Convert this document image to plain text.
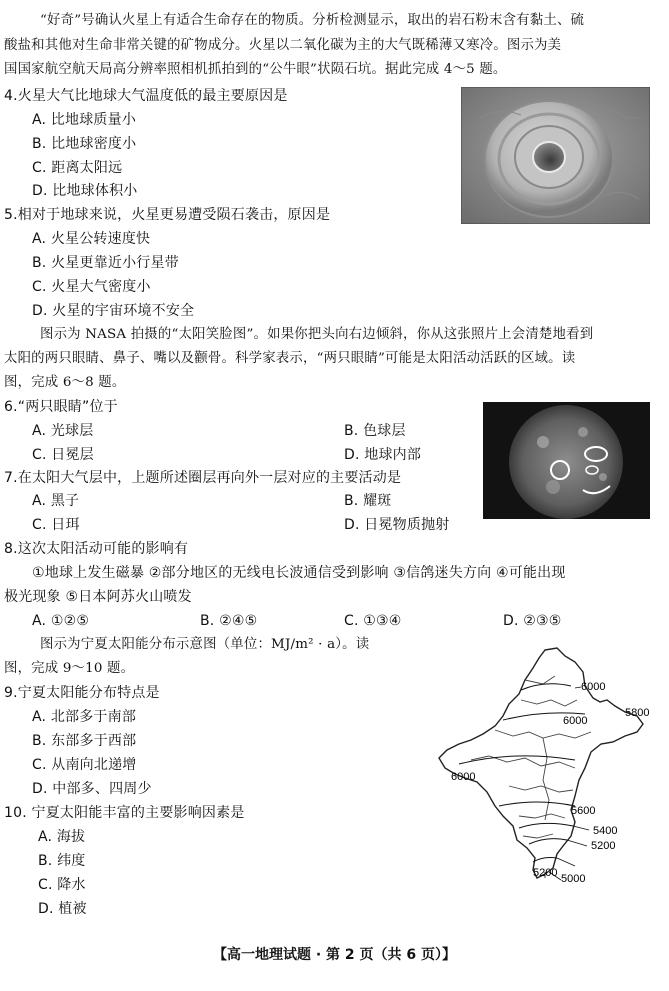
“好奇”号确认火星上有适合生命存在的物质。分析检测显示，取出的岩石粉末含有黏土、硫
酸盐和其他对生命非常关键的矿物成分。火星以二氧化碳为主的大气既稀薄又寒冷。图示为美
国国家航空航天局高分辨率照相机抓拍到的“公牛眼”状陨石坑。据此完成 4～5 题。
4.火星大气比地球大气温度低的最主要原因是
A. 比地球质量小
B. 比地球密度小
C. 距离太阳远
D. 比地球体积小
5.相对于地球来说，火星更易遭受陨石袭击，原因是
A. 火星公转速度快
B. 火星更靠近小行星带
C. 火星大气密度小
D. 火星的宇宙环境不安全
图示为 NASA 拍摄的“太阳笑脸图”。如果你把头向右边倾斜，你从这张照片上会清楚地看到
太阳的两只眼睛、鼻子、嘴以及颧骨。科学家表示，“两只眼睛”可能是太阳活动活跃的区域。读
图，完成 6～8 题。
6.“两只眼睛”位于
A. 光球层	B. 色球层
C. 日冕层	D. 地球内部
7.在太阳大气层中，上题所述圈层再向外一层对应的主要活动是
A. 黑子	B. 耀斑
C. 日珥	D. 日冕物质抛射
8.这次太阳活动可能的影响有
①地球上发生磁暴 ②部分地区的无线电长波通信受到影响 ③信鸽迷失方向 ④可能出现
极光现象 ⑤日本阿苏火山喷发
A. ①②⑤	B. ②④⑤	C. ①③④	D. ②③⑤
图示为宁夏太阳能分布示意图（单位：MJ/m² · a）。读
图，完成 9～10 题。
9.宁夏太阳能分布特点是
A. 北部多于南部
B. 东部多于西部
C. 从南向北递增
D. 中部多、四周少
10. 宁夏太阳能丰富的主要影响因素是
A. 海拔
B. 纬度
C. 降水
D. 植被
6000
5800
6000
6000
5600
5400
5200
5200 5000
【高一地理试题 · 第 2 页（共 6 页）】
